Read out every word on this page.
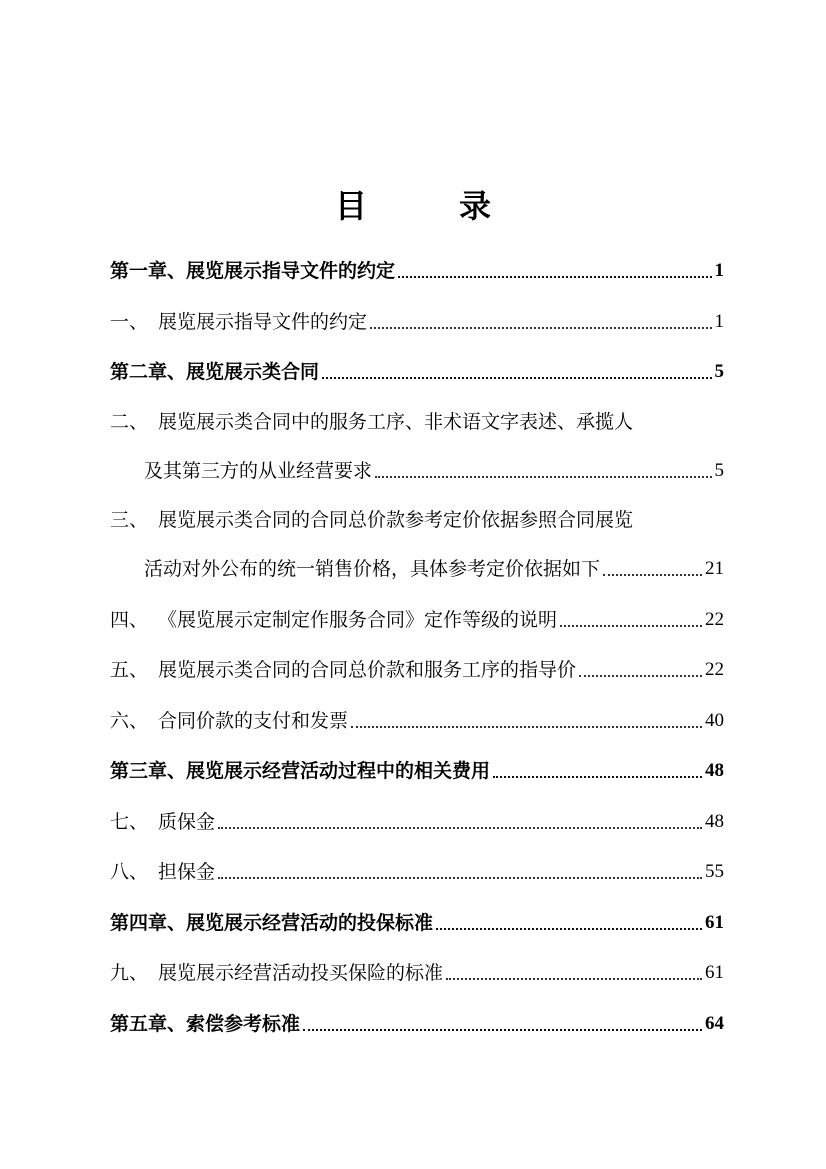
目　录
第一章、展览展示指导文件的约定	1
一、 展览展示指导文件的约定	1
第二章、展览展示类合同	5
二、 展览展示类合同中的服务工序、非术语文字表述、承揽人
及其第三方的从业经营要求	5
三、 展览展示类合同的合同总价款参考定价依据参照合同展览
活动对外公布的统一销售价格，具体参考定价依据如下	21
四、 《展览展示定制定作服务合同》定作等级的说明	22
五、 展览展示类合同的合同总价款和服务工序的指导价	22
六、 合同价款的支付和发票	40
第三章、展览展示经营活动过程中的相关费用	48
七、 质保金	48
八、 担保金	55
第四章、展览展示经营活动的投保标准	61
九、 展览展示经营活动投买保险的标准	61
第五章、索偿参考标准	64
